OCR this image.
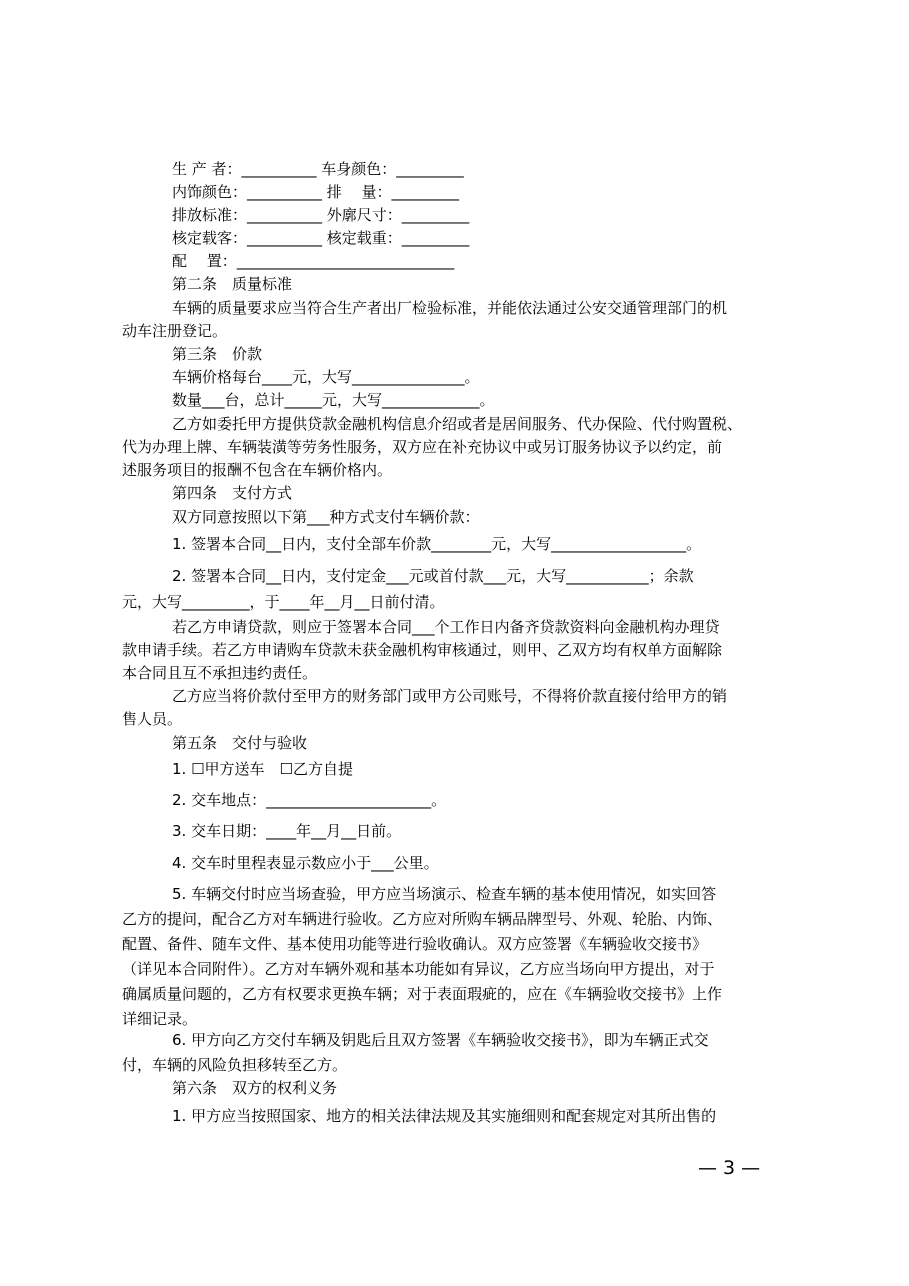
生 产 者：__________ 车身颜色：_________
内饰颜色：__________ 排　 量：_________
排放标准：__________ 外廓尺寸：_________
核定载客：__________ 核定载重：_________
配　 置：_____________________________
第二条　质量标准
车辆的质量要求应当符合生产者出厂检验标准，并能依法通过公安交通管理部门的机
动车注册登记。
第三条　价款
车辆价格每台____元，大写_______________。
数量___台，总计_____元，大写_____________。
乙方如委托甲方提供贷款金融机构信息介绍或者是居间服务、代办保险、代付购置税、
代为办理上牌、车辆装潢等劳务性服务，双方应在补充协议中或另订服务协议予以约定，前
述服务项目的报酬不包含在车辆价格内。
第四条　支付方式
双方同意按照以下第___种方式支付车辆价款：
1. 签署本合同__日内，支付全部车价款________元，大写__________________。
2. 签署本合同__日内，支付定金___元或首付款___元，大写___________；余款
元，大写_________，于____年__月__日前付清。
若乙方申请贷款，则应于签署本合同___个工作日内备齐贷款资料向金融机构办理贷
款申请手续。若乙方申请购车贷款未获金融机构审核通过，则甲、乙双方均有权单方面解除
本合同且互不承担违约责任。
乙方应当将价款付至甲方的财务部门或甲方公司账号，不得将价款直接付给甲方的销
售人员。
第五条　交付与验收
1. ☐甲方送车　☐乙方自提
2. 交车地点：______________________。
3. 交车日期：____年__月__日前。
4. 交车时里程表显示数应小于___公里。
5. 车辆交付时应当场查验，甲方应当场演示、检查车辆的基本使用情况，如实回答
乙方的提问，配合乙方对车辆进行验收。乙方应对所购车辆品牌型号、外观、轮胎、内饰、
配置、备件、随车文件、基本使用功能等进行验收确认。双方应签署《车辆验收交接书》
（详见本合同附件）。乙方对车辆外观和基本功能如有异议，乙方应当场向甲方提出，对于
确属质量问题的，乙方有权要求更换车辆；对于表面瑕疵的，应在《车辆验收交接书》上作
详细记录。
6. 甲方向乙方交付车辆及钥匙后且双方签署《车辆验收交接书》，即为车辆正式交
付，车辆的风险负担移转至乙方。
第六条　双方的权利义务
1. 甲方应当按照国家、地方的相关法律法规及其实施细则和配套规定对其所出售的
— 3 —
